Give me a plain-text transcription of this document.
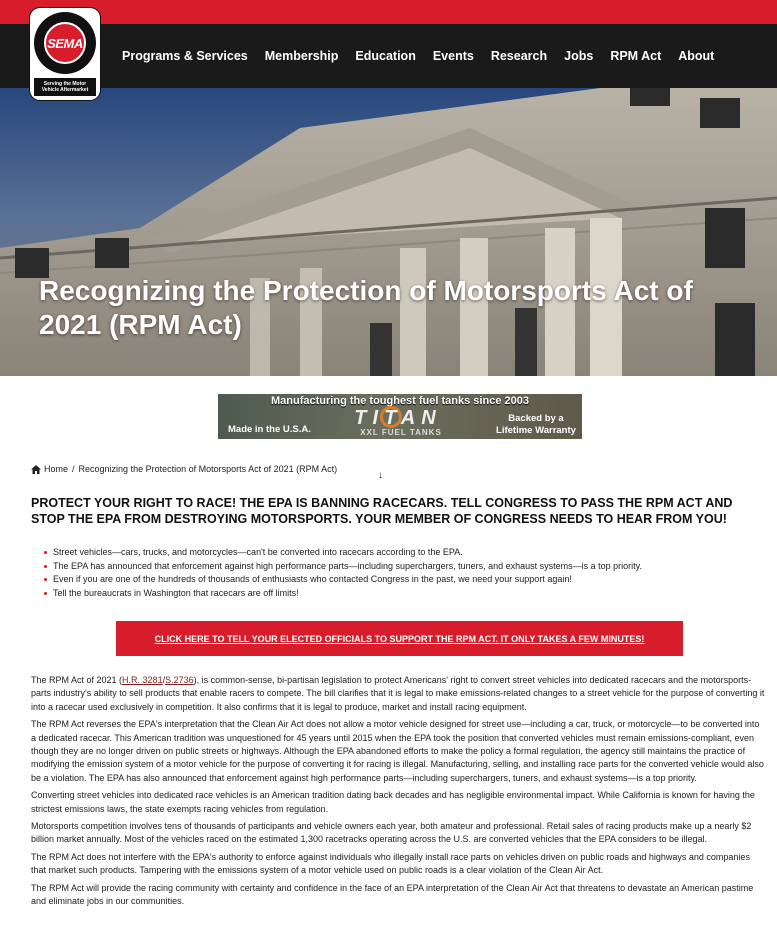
SEMA
Serving the Motor
Vehicle Aftermarket
Programs & Services Membership Education Events Research Jobs RPM Act About
Recognizing the Protection of Motorsports Act of 2021 (RPM Act)
Manufacturing the toughest fuel tanks since 2003
TITAN
XXL FUEL TANKS
Made in the U.S.A.
Backed by a
Lifetime Warranty
Home / Recognizing the Protection of Motorsports Act of 2021 (RPM Act)
↓
PROTECT YOUR RIGHT TO RACE! THE EPA IS BANNING RACECARS. TELL CONGRESS TO PASS THE RPM ACT AND STOP THE EPA FROM DESTROYING MOTORSPORTS. YOUR MEMBER OF CONGRESS NEEDS TO HEAR FROM YOU!
Street vehicles—cars, trucks, and motorcycles—can't be converted into racecars according to the EPA.
The EPA has announced that enforcement against high performance parts—including superchargers, tuners, and exhaust systems—is a top priority.
Even if you are one of the hundreds of thousands of enthusiasts who contacted Congress in the past, we need your support again!
Tell the bureaucrats in Washington that racecars are off limits!
CLICK HERE TO TELL YOUR ELECTED OFFICIALS TO SUPPORT THE RPM ACT. IT ONLY TAKES A FEW MINUTES!

The RPM Act of 2021 (H.R. 3281/S.2736), is common-sense, bi-partisan legislation to protect Americans' right to convert street vehicles into dedicated racecars and the motorsports-parts industry's ability to sell products that enable racers to compete. The bill clarifies that it is legal to make emissions-related changes to a street vehicle for the purpose of converting it into a racecar used exclusively in competition. It also confirms that it is legal to produce, market and install racing equipment.

The RPM Act reverses the EPA's interpretation that the Clean Air Act does not allow a motor vehicle designed for street use—including a car, truck, or motorcycle—to be converted into a dedicated racecar. This American tradition was unquestioned for 45 years until 2015 when the EPA took the position that converted vehicles must remain emissions-compliant, even though they are no longer driven on public streets or highways. Although the EPA abandoned efforts to make the policy a formal regulation, the agency still maintains the practice of modifying the emission system of a motor vehicle for the purpose of converting it for racing is illegal. Manufacturing, selling, and installing race parts for the converted vehicle would also be a violation. The EPA has also announced that enforcement against high performance parts—including superchargers, tuners, and exhaust systems—is a top priority.

Converting street vehicles into dedicated race vehicles is an American tradition dating back decades and has negligible environmental impact. While California is known for having the strictest emissions laws, the state exempts racing vehicles from regulation.

Motorsports competition involves tens of thousands of participants and vehicle owners each year, both amateur and professional. Retail sales of racing products make up a nearly $2 billion market annually. Most of the vehicles raced on the estimated 1,300 racetracks operating across the U.S. are converted vehicles that the EPA considers to be illegal.

The RPM Act does not interfere with the EPA's authority to enforce against individuals who illegally install race parts on vehicles driven on public roads and highways and companies that market such products. Tampering with the emissions system of a motor vehicle used on public roads is a clear violation of the Clean Air Act.

The RPM Act will provide the racing community with certainty and confidence in the face of an EPA interpretation of the Clean Air Act that threatens to devastate an American pastime and eliminate jobs in our communities.
